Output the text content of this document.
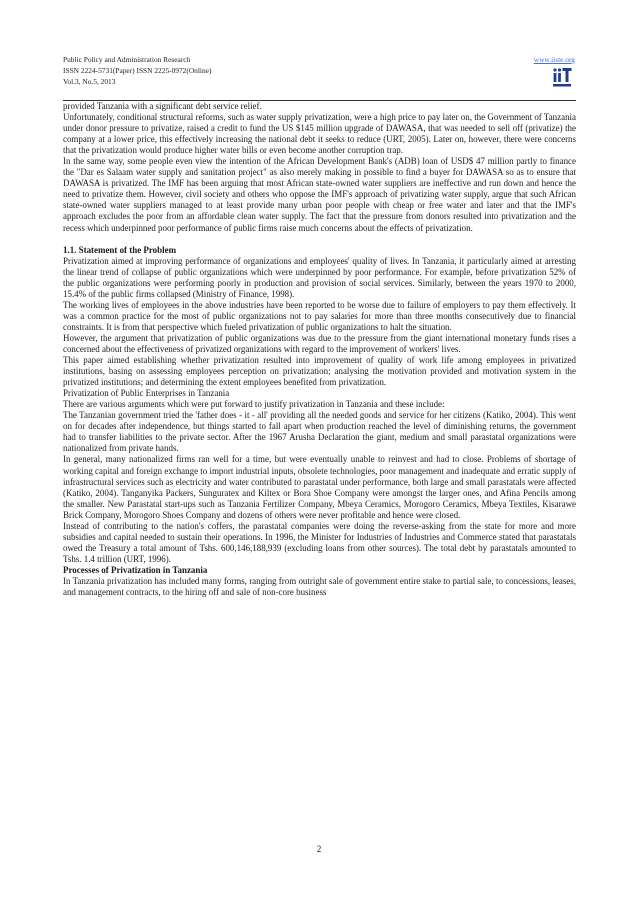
Public Policy and Administration Research
ISSN 2224-5731(Paper) ISSN 2225-0972(Online)
Vol.3, No.5, 2013
www.iiste.org

provided Tanzania with a significant debt service relief.

Unfortunately, conditional structural reforms, such as water supply privatization, were a high price to pay later on, the Government of Tanzania under donor pressure to privatize, raised a credit to fund the US $145 million upgrade of DAWASA, that was needed to sell off (privatize) the company at a lower price, this effectively increasing the national debt it seeks to reduce (URT, 2005). Later on, however, there were concerns that the privatization would produce higher water bills or even become another corruption trap.

In the same way, some people even view the intention of the African Development Bank's (ADB) loan of USD$ 47 million partly to finance the "Dar es Salaam water supply and sanitation project" as also merely making in possible to find a buyer for DAWASA so as to ensure that DAWASA is privatized. The IMF has been arguing that most African state-owned water suppliers are ineffective and run down and hence the need to privatize them. However, civil society and others who oppose the IMF's approach of privatizing water supply, argue that such African state-owned water suppliers managed to at least provide many urban poor people with cheap or free water and later and that the IMF's approach excludes the poor from an affordable clean water supply. The fact that the pressure from donors resulted into privatization and the recess which underpinned poor performance of public firms raise much concerns about the effects of privatization.

1.1. Statement of the Problem

Privatization aimed at improving performance of organizations and employees' quality of lives. In Tanzania, it particularly aimed at arresting the linear trend of collapse of public organizations which were underpinned by poor performance. For example, before privatization 52% of the public organizations were performing poorly in production and provision of social services. Similarly, between the years 1970 to 2000, 15.4% of the public firms collapsed (Ministry of Finance, 1998).

The working lives of employees in the above industries have been reported to be worse due to failure of employers to pay them effectively. It was a common practice for the most of public organizations not to pay salaries for more than three months consecutively due to financial constraints. It is from that perspective which fueled privatization of public organizations to halt the situation.

However, the argument that privatization of public organizations was due to the pressure from the giant international monetary funds rises a concerned about the effectiveness of privatized organizations with regard to the improvement of workers' lives.

This paper aimed establishing whether privatization resulted into improvement of quality of work life among employees in privatized institutions, basing on assessing employees perception on privatization; analysing the motivation provided and motivation system in the privatized institutions; and determining the extent employees benefited from privatization.

Privatization of Public Enterprises in Tanzania

There are various arguments which were put forward to justify privatization in Tanzania and these include:

The Tanzanian government tried the 'father does - it - all' providing all the needed goods and service for her citizens (Katiko, 2004). This went on for decades after independence, but things started to fall apart when production reached the level of diminishing returns, the government had to transfer liabilities to the private sector. After the 1967 Arusha Declaration the giant, medium and small parastatal organizations were nationalized from private hands.

In general, many nationalized firms ran well for a time, but were eventually unable to reinvest and had to close. Problems of shortage of working capital and foreign exchange to import industrial inputs, obsolete technologies, poor management and inadequate and erratic supply of infrastructural services such as electricity and water contributed to parastatal under performance, both large and small parastatals were affected (Katiko, 2004). Tanganyika Packers, Sunguratex and Kiltex or Bora Shoe Company were amongst the larger ones, and Afina Pencils among the smaller. New Parastatal start-ups such as Tanzania Fertilizer Company, Mbeya Ceramics, Morogoro Ceramics, Mbeya Textiles, Kisarawe Brick Company, Morogoro Shoes Company and dozens of others were never profitable and hence were closed.

Instead of contributing to the nation's coffers, the parastatal companies were doing the reverse-asking from the state for more and more subsidies and capital needed to sustain their operations. In 1996, the Minister for Industries of Industries and Commerce stated that parastatals owed the Treasury a total amount of Tshs. 600,146,188,939 (excluding loans from other sources). The total debt by parastatals amounted to Tshs. 1.4 trillion (URT, 1996).

Processes of Privatization in Tanzania

In Tanzania privatization has included many forms, ranging from outright sale of government entire stake to partial sale, to concessions, leases, and management contracts, to the hiring off and sale of non-core business

2
